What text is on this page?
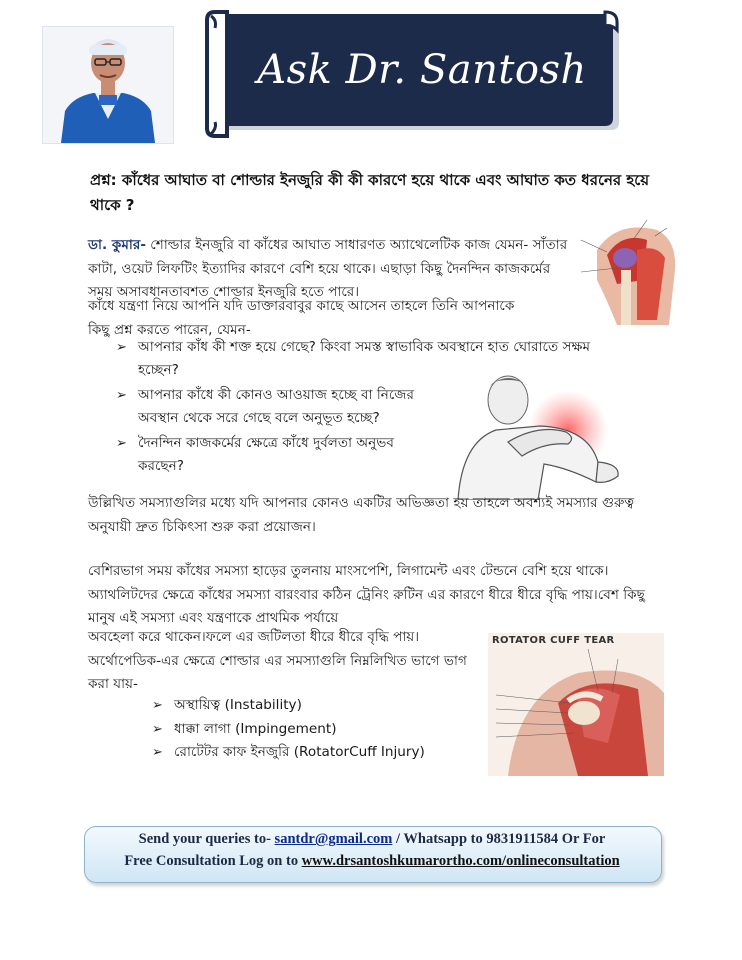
Ask Dr. Santosh
প্রশ্ন: কাঁধের আঘাত বা শোল্ডার ইনজুরি কী কী কারণে হয়ে থাকে এবং আঘাত কত ধরনের হয়ে থাকে ?
ডা. কুমার- শোল্ডার ইনজুরি বা কাঁধের আঘাত সাধারণত অ্যাথেলেটিক কাজ যেমন- সাঁতার কাটা, ওয়েট লিফটিং ইত্যাদির কারণে বেশি হয়ে থাকে। এছাড়া কিছু দৈনন্দিন কাজকর্মের সময় অসাবধানতাবশত শোল্ডার ইনজুরি হতে পারে।
কাঁধে যন্ত্রণা নিয়ে আপনি যদি ডাক্তারবাবুর কাছে আসেন তাহলে তিনি আপনাকে কিছু প্রশ্ন করতে পারেন, যেমন-
➢ আপনার কাঁধ কী শক্ত হয়ে গেছে? কিংবা সমস্ত স্বাভাবিক অবস্থানে হাত ঘোরাতে সক্ষম হচ্ছেন?
➢ আপনার কাঁধে কী কোনও আওয়াজ হচ্ছে বা নিজের অবস্থান থেকে সরে গেছে বলে অনুভূত হচ্ছে?
➢ দৈনন্দিন কাজকর্মের ক্ষেত্রে কাঁধে দুর্বলতা অনুভব করছেন?
উল্লিখিত সমস্যাগুলির মধ্যে যদি আপনার কোনও একটির অভিজ্ঞতা হয় তাহলে অবশ্যই সমস্যার গুরুত্ব অনুযায়ী দ্রুত চিকিৎসা শুরু করা প্রয়োজন।
বেশিরভাগ সময় কাঁধের সমস্যা হাড়ের তুলনায় মাংসপেশি, লিগামেন্ট এবং টেন্ডনে বেশি হয়ে থাকে।অ্যাথলিটদের ক্ষেত্রে কাঁধের সমস্যা বারংবার কঠিন ট্রেনিং রুটিন এর কারণে ধীরে ধীরে বৃদ্ধি পায়।বেশ কিছু মানুষ এই সমস্যা এবং যন্ত্রণাকে প্রাথমিক পর্যায়ে
অবহেলা করে থাকেন।ফলে এর জটিলতা ধীরে ধীরে বৃদ্ধি পায়।অর্থোপেডিক-এর ক্ষেত্রে শোল্ডার এর সমস্যাগুলি নিম্নলিখিত ভাগে ভাগ করা যায়-
ROTATOR CUFF TEAR
➢ অস্থায়িত্ব (Instability)
➢ ধাক্কা লাগা (Impingement)
➢ রোটেটর কাফ ইনজুরি (RotatorCuff Injury)
Send your queries to- santdr@gmail.com / Whatsapp to 9831911584 Or For
Free Consultation Log on to www.drsantoshkumarortho.com/onlineconsultation
